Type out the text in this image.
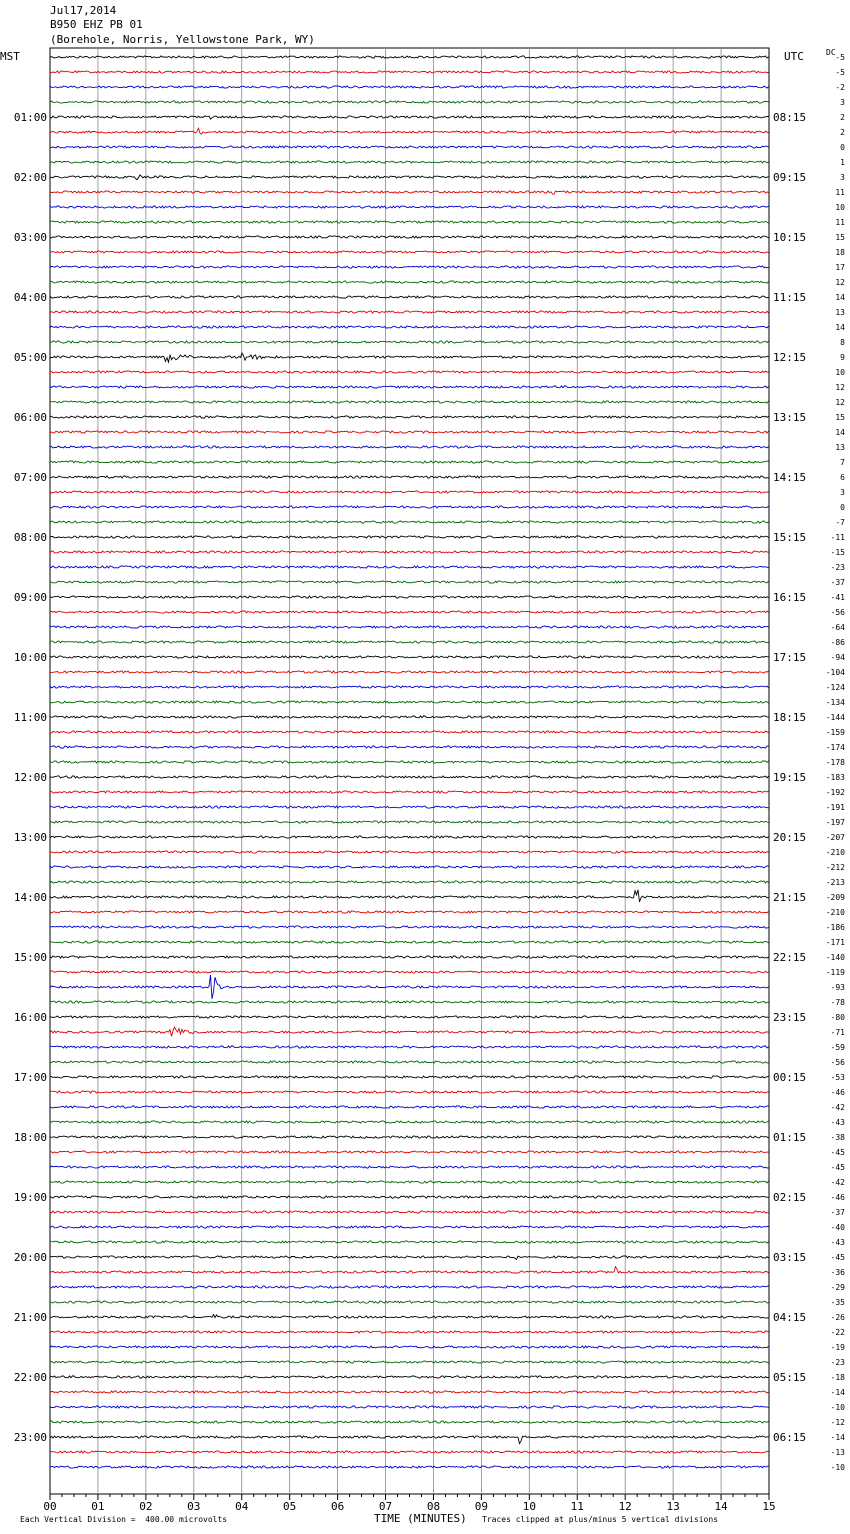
Jul17,2014
B950 EHZ PB 01
(Borehole, Norris, Yellowstone Park, WY)
MST	UTC	DC
01:00
02:00
03:00
04:00
05:00
06:00
07:00
08:00
09:00
10:00
11:00
12:00
13:00
14:00
15:00
16:00
17:00
18:00
19:00
20:00
21:00
22:00
23:00
08:15
09:15
10:15
11:15
12:15
13:15
14:15
15:15
16:15
17:15
18:15
19:15
20:15
21:15
22:15
23:15
00:15
01:15
02:15
03:15
04:15
05:15
06:15
-5
-5
-2
3
2
2
0
1
3
11
10
11
15
18
17
12
14
13
14
8
9
10
12
12
15
14
13
7
6
3
0
-7
-11
-15
-23
-37
-41
-56
-64
-86
-94
-104
-124
-134
-144
-159
-174
-178
-183
-192
-191
-197
-207
-210
-212
-213
-209
-210
-186
-171
-140
-119
-93
-78
-80
-71
-59
-56
-53
-46
-42
-43
-38
-45
-45
-42
-46
-37
-40
-43
-45
-36
-29
-35
-26
-22
-19
-23
-18
-14
-10
-12
-14
-13
-10
00	01	02	03	04	05	06	07	08	09	10	11	12	13	14	15
Each Vertical Division =  400.00 microvolts	TIME (MINUTES) Traces clipped at plus/minus 5 vertical divisions
